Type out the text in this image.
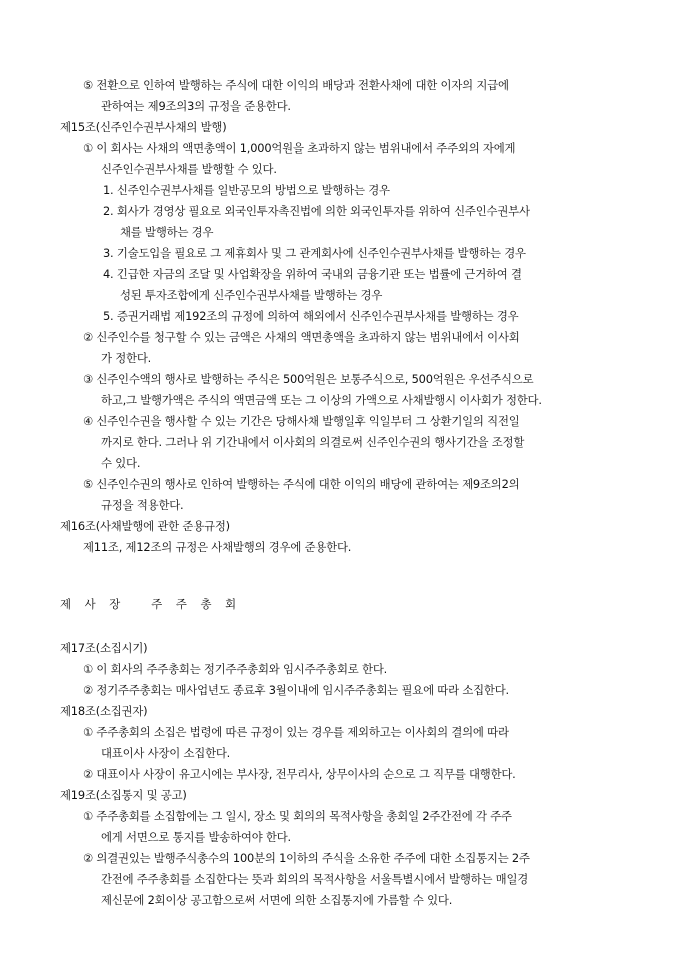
⑤ 전환으로 인하여 발행하는 주식에 대한 이익의 배당과 전환사채에 대한 이자의 지급에
관하여는 제9조의3의 규정을 준용한다.
제15조(신주인수권부사채의 발행)
① 이 회사는 사채의 액면총액이 1,000억원을 초과하지 않는 범위내에서 주주외의 자에게
신주인수권부사채를 발행할 수 있다.
1. 신주인수권부사채를 일반공모의 방법으로 발행하는 경우
2. 회사가 경영상 필요로 외국인투자촉진법에 의한 외국인투자를 위하여 신주인수권부사
채를 발행하는 경우
3. 기술도입을 필요로 그 제휴회사 및 그 관계회사에 신주인수권부사채를 발행하는 경우
4. 긴급한 자금의 조달 및 사업확장을 위하여 국내외 금융기관 또는 법률에 근거하여 결
성된 투자조합에게 신주인수권부사채를 발행하는 경우
5. 증권거래법 제192조의 규정에 의하여 해외에서 신주인수권부사채를 발행하는 경우
② 신주인수를 청구할 수 있는 금액은 사채의 액면총액을 초과하지 않는 범위내에서 이사회
가 정한다.
③ 신주인수액의 행사로 발행하는 주식은 500억원은 보통주식으로, 500억원은 우선주식으로
하고,그 발행가액은 주식의 액면금액 또는 그 이상의 가액으로 사채발행시 이사회가 정한다.
④ 신주인수권을 행사할 수 있는 기간은 당해사채 발행일후 익일부터 그 상환기일의 직전일
까지로 한다. 그러나 위 기간내에서 이사회의 의결로써 신주인수권의 행사기간을 조정할
수 있다.
⑤ 신주인수권의 행사로 인하여 발행하는 주식에 대한 이익의 배당에 관하여는 제9조의2의
규정을 적용한다.
제16조(사채발행에 관한 준용규정)
제11조, 제12조의 규정은 사채발행의 경우에 준용한다.
제 사 장 주 주 총 회
제17조(소집시기)
① 이 회사의 주주총회는 정기주주총회와 임시주주총회로 한다.
② 정기주주총회는 매사업년도 종료후 3월이내에 임시주주총회는 필요에 따라 소집한다.
제18조(소집권자)
① 주주총회의 소집은 법령에 따른 규정이 있는 경우를 제외하고는 이사회의 결의에 따라
대표이사 사장이 소집한다.
② 대표이사 사장이 유고시에는 부사장, 전무리사, 상무이사의 순으로 그 직무를 대행한다.
제19조(소집통지 및 공고)
① 주주총회를 소집함에는 그 일시, 장소 및 회의의 목적사항을 총회일 2주간전에 각 주주
에게 서면으로 통지를 발송하여야 한다.
② 의결권있는 발행주식총수의 100분의 1이하의 주식을 소유한 주주에 대한 소집통지는 2주
간전에 주주총회를 소집한다는 뜻과 회의의 목적사항을 서울특별시에서 발행하는 매일경
제신문에 2회이상 공고함으로써 서면에 의한 소집통지에 가름할 수 있다.
